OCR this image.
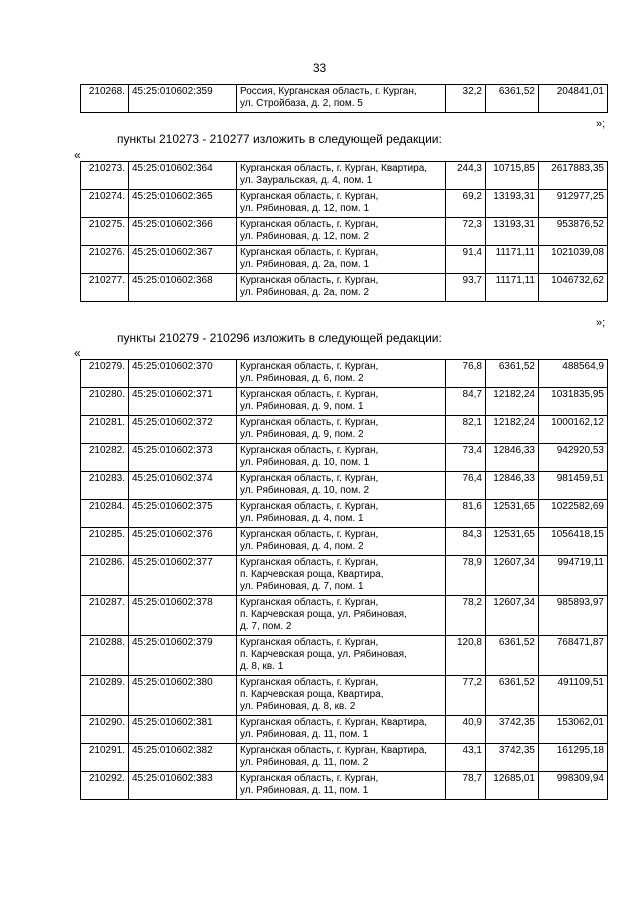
33
210268.	45:25:010602:359	Россия, Курганская область, г. Курган,
ул. Стройбаза, д. 2, пом. 5
	32,2	6361,52	204841,01
»;
пункты 210273 - 210277 изложить в следующей редакции:
«
210273.	45:25:010602:364	Курганская область, г. Курган, Квартира,
ул. Зауральская, д. 4, пом. 1	244,3	10715,85	2617883,35
210274.	45:25:010602:365	Курганская область, г. Курган,
ул. Рябиновая, д. 12, пом. 1	69,2	13193,31	912977,25
210275.	45:25:010602:366	Курганская область, г. Курган,
ул. Рябиновая, д. 12, пом. 2	72,3	13193,31	953876,52
210276.	45:25:010602:367	Курганская область, г. Курган,
ул. Рябиновая, д. 2а, пом. 1	91,4	11171,11	1021039,08
210277.	45:25:010602:368	Курганская область, г. Курган,
ул. Рябиновая, д. 2а, пом. 2	93,7	11171,11	1046732,62
»;
пункты 210279 - 210296 изложить в следующей редакции:
«
210279.	45:25:010602:370	Курганская область, г. Курган,
ул. Рябиновая, д. 6, пом. 2	76,8	6361,52	488564,9
210280.	45:25:010602:371	Курганская область, г. Курган,
ул. Рябиновая, д. 9, пом. 1	84,7	12182,24	1031835,95
210281.	45:25:010602:372	Курганская область, г. Курган,
ул. Рябиновая, д. 9, пом. 2	82,1	12182,24	1000162,12
210282.	45:25:010602:373	Курганская область, г. Курган,
ул. Рябиновая, д. 10, пом. 1	73,4	12846,33	942920,53
210283.	45:25:010602:374	Курганская область, г. Курган,
ул. Рябиновая, д. 10, пом. 2	76,4	12846,33	981459,51
210284.	45:25:010602:375	Курганская область, г. Курган,
ул. Рябиновая, д. 4, пом. 1	81,6	12531,65	1022582,69
210285.	45:25:010602:376	Курганская область, г. Курган,
ул. Рябиновая, д. 4, пом. 2	84,3	12531,65	1056418,15
210286.	45:25:010602:377	Курганская область, г. Курган,
п. Карчевская роща, Квартира,
ул. Рябиновая, д. 7, пом. 1	78,9	12607,34	994719,11
210287.	45:25:010602:378	Курганская область, г. Курган,
п. Карчевская роща, ул. Рябиновая,
д. 7, пом. 2	78,2	12607,34	985893,97
210288.	45:25:010602:379	Курганская область, г. Курган,
п. Карчевская роща, ул. Рябиновая,
д. 8, кв. 1	120,8	6361,52	768471,87
210289.	45:25:010602:380	Курганская область, г. Курган,
п. Карчевская роща, Квартира,
ул. Рябиновая, д. 8, кв. 2	77,2	6361,52	491109,51
210290.	45:25:010602:381	Курганская область, г. Курган, Квартира,
ул. Рябиновая, д. 11, пом. 1	40,9	3742,35	153062,01
210291.	45:25:010602:382	Курганская область, г. Курган, Квартира,
ул. Рябиновая, д. 11, пом. 2	43,1	3742,35	161295,18
210292.	45:25:010602:383	Курганская область, г. Курган,
ул. Рябиновая, д. 11, пом. 1	78,7	12685,01	998309,94
